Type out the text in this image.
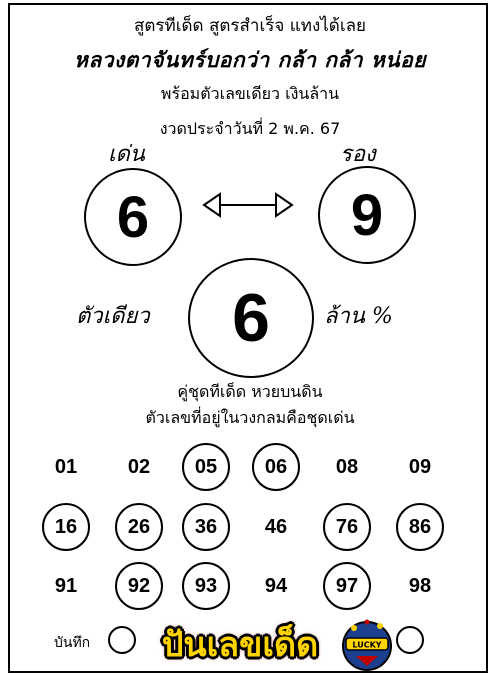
สูตรทีเด็ด สูตรสำเร็จ แทงได้เลย
หลวงตาจันทร์บอกว่า กล้า กล้า หน่อย
พร้อมตัวเลขเดียว เงินล้าน
งวดประจำวันที่ 2 พ.ค. 67
เด่น	รอง
6	9
ตัวเดียว	6	ล้าน %
คู่ชุดทีเด็ด หวยบนดิน
ตัวเลขที่อยู่ในวงกลมคือชุดเด่น
01	02	05	06	08	09
16	26	36	46	76	86
91	92	93	94	97	98
บันทึก	ปันเลขเด็ด	LUCKY
